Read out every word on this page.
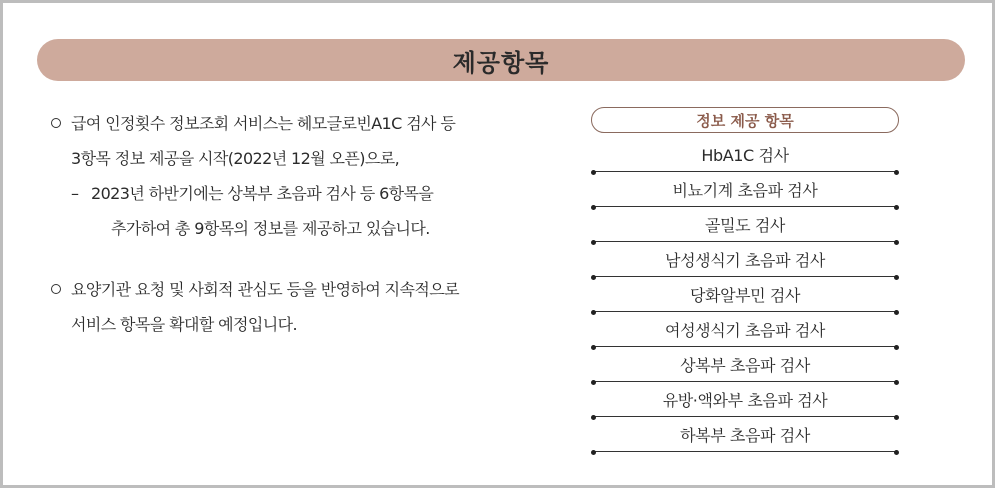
제공항목
급여 인정횟수 정보조회 서비스는 헤모글로빈A1C 검사 등
3항목 정보 제공을 시작(2022년 12월 오픈)으로,
– 2023년 하반기에는 상복부 초음파 검사 등 6항목을
추가하여 총 9항목의 정보를 제공하고 있습니다.
요양기관 요청 및 사회적 관심도 등을 반영하여 지속적으로
서비스 항목을 확대할 예정입니다.
정보 제공 항목
HbA1C 검사
비뇨기계 초음파 검사
골밀도 검사
남성생식기 초음파 검사
당화알부민 검사
여성생식기 초음파 검사
상복부 초음파 검사
유방·액와부 초음파 검사
하복부 초음파 검사
